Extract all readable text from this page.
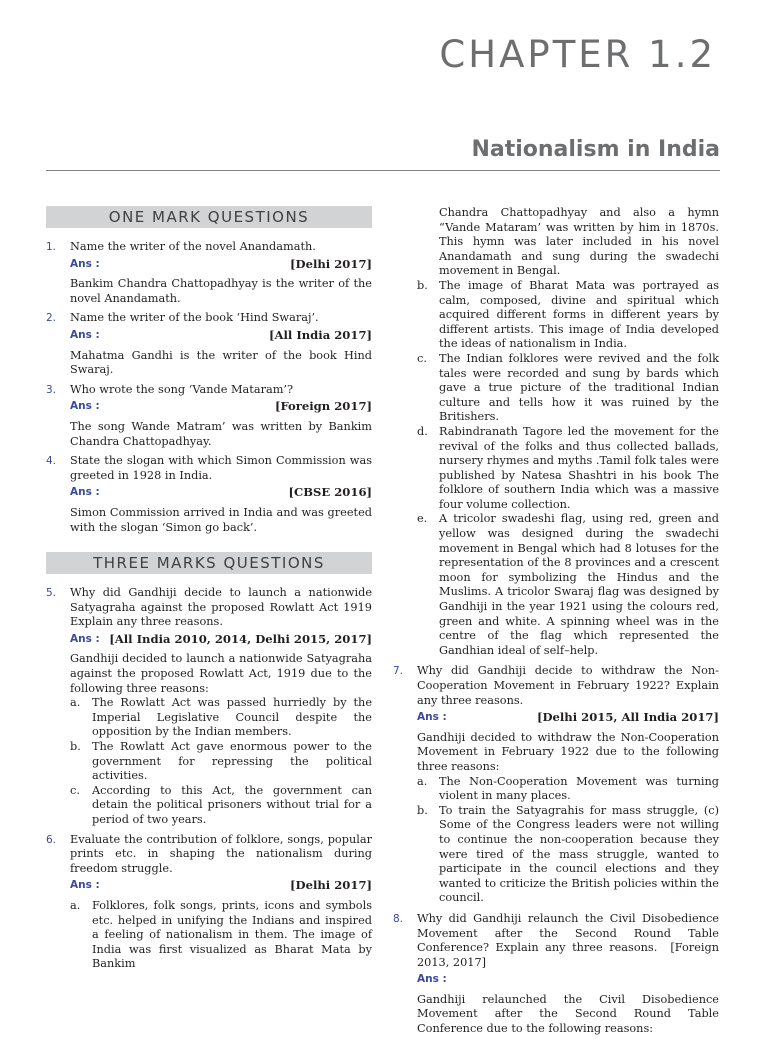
CHAPTER 1.2
Nationalism in India
ONE MARK QUESTIONS
1.	Name the writer of the novel Anandamath.
Ans :	[Delhi 2017]
Bankim Chandra Chattopadhyay is the writer of the novel Anandamath.
2.	Name the writer of the book ‘Hind Swaraj’.
Ans :	[All India 2017]
Mahatma Gandhi is the writer of the book Hind Swaraj.
3.	Who wrote the song ‘Vande Mataram’?
Ans :	[Foreign 2017]
The song Wande Matram’ was written by Bankim Chandra Chattopadhyay.
4.	State the slogan with which Simon Commission was greeted in 1928 in India.
Ans :	[CBSE 2016]
Simon Commission arrived in India and was greeted with the slogan ‘Simon go back’.
THREE MARKS QUESTIONS
5.	Why did Gandhiji decide to launch a nationwide Satyagraha against the proposed Rowlatt Act 1919 Explain any three reasons.
Ans : [All India 2010, 2014, Delhi 2015, 2017]
Gandhiji decided to launch a nationwide Satyagraha against the proposed Rowlatt Act, 1919 due to the following three reasons:
a.	The Rowlatt Act was passed hurriedly by the Imperial Legislative Council despite the opposition by the Indian members.
b. The Rowlatt Act gave enormous power to the government for repressing the political activities.
c.	According to this Act, the government can detain the political prisoners without trial for a period of two years.
6.	Evaluate the contribution of folklore, songs, popular prints etc. in shaping the nationalism during freedom struggle.
Ans :	[Delhi 2017]
a.	Folklores, folk songs, prints, icons and symbols etc. helped in unifying the Indians and inspired a feeling of nationalism in them. The image of India was first visualized as Bharat Mata by Bankim
Chandra Chattopadhyay and also a hymn “Vande Mataram’ was written by him in 1870s. This hymn was later included in his novel Anandamath and sung during the swadechi movement in Bengal.
b. The image of Bharat Mata was portrayed as calm, composed, divine and spiritual which acquired different forms in different years by different artists. This image of India developed the ideas of nationalism in India.
c.	The Indian folklores were revived and the folk tales were recorded and sung by bards which gave a true picture of the traditional Indian culture and tells how it was ruined by the Britishers.
d. Rabindranath Tagore led the movement for the revival of the folks and thus collected ballads, nursery rhymes and myths .Tamil folk tales were published by Natesa Shashtri in his book The folklore of southern India which was a massive four volume collection.
e.	A tricolor swadeshi flag, using red, green and yellow was designed during the swadechi movement in Bengal which had 8 lotuses for the representation of the 8 provinces and a crescent moon for symbolizing the Hindus and the Muslims. A tricolor Swaraj flag was designed by Gandhiji in the year 1921 using the colours red, green and white. A spinning wheel was in the centre of the flag which represented the Gandhian ideal of self–help.
7.	Why did Gandhiji decide to withdraw the Non-Cooperation Movement in February 1922? Explain any three reasons.
Ans :	[Delhi 2015, All India 2017]
Gandhiji decided to withdraw the Non-Cooperation Movement in February 1922 due to the following three reasons:
a.	The Non-Cooperation Movement was turning violent in many places.
b. To train the Satyagrahis for mass struggle, (c) Some of the Congress leaders were not willing to continue the non-cooperation because they were tired of the mass struggle, wanted to participate in the council elections and they wanted to criticize the British policies within the council.
8.	Why did Gandhiji relaunch the Civil Disobedience Movement after the Second Round Table Conference? Explain any three reasons. [Foreign 2013, 2017]
Ans :
Gandhiji relaunched the Civil Disobedience Movement after the Second Round Table Conference due to the following reasons:
